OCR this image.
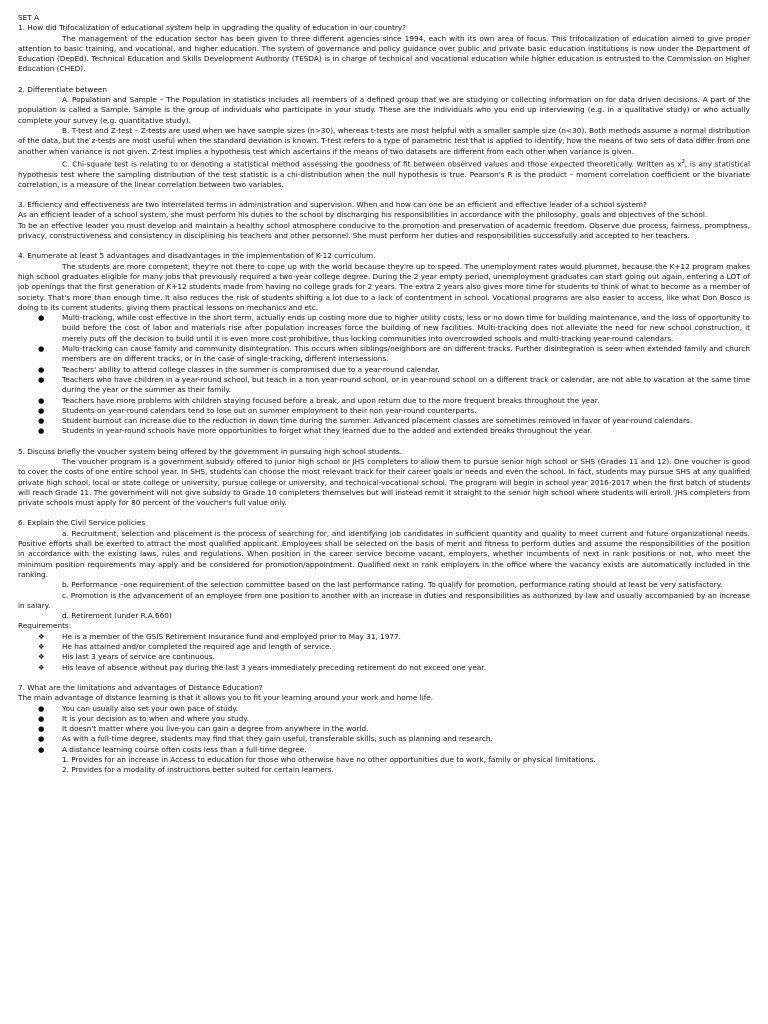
SET A

1. How did Trifocalization of educational system help in upgrading the quality of education in our country?

The management of the education sector has been given to three different agencies since 1994, each with its own area of focus. This trifocalization of education aimed to give proper attention to basic training, and vocational, and higher education. The system of governance and policy guidance over public and private basic education institutions is now under the Department of Education (DepEd). Technical Education and Skills Development Authority (TESDA) is in charge of technical and vocational education while higher education is entrusted to the Commission on Higher Education (CHED).

2. Differentiate between

A. Population and Sample – The Population in statistics includes all members of a defined group that we are studying or collecting information on for data driven decisions. A part of the population is called a Sample. Sample is the group of individuals who participate in your study. These are the individuals who you end up interviewing (e.g. in a qualitative study) or who actually complete your survey (e.g. quantitative study).

B. T-test and Z-test – Z-tests are used when we have sample sizes (n>30), whereas t-tests are most helpful with a smaller sample size (n<30). Both methods assume a normal distribution of the data, but the z-tests are most useful when the standard deviation is known. T-test refers to a type of parametric test that is applied to identify, how the means of two sets of data differ from one another when variance is not given. Z-test implies a hypothesis test which ascertains if the means of two datasets are different from each other when variance is given.

C. Chi-square test is relating to or denoting a statistical method assessing the goodness of fit between observed values and those expected theoretically. Written as $x^2$, is any statistical hypothesis test where the sampling distribution of the test statistic is a chi-distribution when the null hypothesis is true. Pearson's R is the product – moment correlation coefficient or the bivariate correlation, is a measure of the linear correlation between two variables.

3. Efficiency and effectiveness are two interrelated terms in administration and supervision. When and how can one be an efficient and effective leader of a school system?

As an efficient leader of a school system, she must perform his duties to the school by discharging his responsibilities in accordance with the philosophy, goals and objectives of the school.

To be an effective leader you must develop and maintain a healthy school atmosphere conducive to the promotion and preservation of academic freedom. Observe due process, fairness, promptness, privacy, constructiveness and consistency in disciplining his teachers and other personnel. She must perform her duties and responsibilities successfully and accepted to her teachers.

4. Enumerate at least 5 advantages and disadvantages in the implementation of K-12 curriculum.

The students are more competent, they're not there to cope up with the world because they're up to speed. The unemployment rates would plummet, because the K+12 program makes high school graduates eligible for many jobs that previously required a two-year college degree. During the 2 year empty period, unemployment graduates can start going out again, entering a LOT of job openings that the first generation of K+12 students made from having no college grads for 2 years. The extra 2 years also gives more time for students to think of what to become as a member of society. That's more than enough time. It also reduces the risk of students shifting a lot due to a lack of contentment in school. Vocational programs are also easier to access, like what Don Bosco is doing to its current students, giving them practical lessons on mechanics and etc.

● Multi-tracking, while cost effective in the short term, actually ends up costing more due to higher utility costs, less or no down time for building maintenance, and the loss of opportunity to build before the cost of labor and materials rise after population increases force the building of new facilities. Multi-tracking does not alleviate the need for new school construction, it merely puts off the decision to build until it is even more cost prohibitive, thus locking communities into overcrowded schools and multi-tracking year-round calendars.
● Multi-tracking can cause family and community disintegration. This occurs when siblings/neighbors are on different tracks. Further disintegration is seen when extended family and church members are on different tracks, or in the case of single-tracking, different intersessions.
● Teachers' ability to attend college classes in the summer is compromised due to a year-round calendar.
● Teachers who have children in a year-round school, but teach in a non year-round school, or in year-round school on a different track or calendar, are not able to vacation at the same time during the year or the summer as their family.
● Teachers have more problems with children staying focused before a break, and upon return due to the more frequent breaks throughout the year.
● Students on year-round calendars tend to lose out on summer employment to their non year-round counterparts.
● Student burnout can increase due to the reduction in down time during the summer. Advanced placement classes are sometimes removed in favor of year-round calendars.
● Students in year-round schools have more opportunities to forget what they learned due to the added and extended breaks throughout the year.

5. Discuss briefly the voucher system being offered by the government in pursuing high school students.

The voucher program is a government subsidy offered to junior high school or JHS completers to allow them to pursue senior high school or SHS (Grades 11 and 12). One voucher is good to cover the costs of one entire school year. In SHS, students can choose the most relevant track for their career goals or needs and even the school. In fact, students may pursue SHS at any qualified private high school, local or state college or university, pursue college or university, and technical-vocational school. The program will begin in school year 2016-2017 when the first batch of students will reach Grade 11. The government will not give subsidy to Grade 10 completers themselves but will instead remit it straight to the senior high school where students will enroll. JHS completers from private schools must apply for 80 percent of the voucher's full value only.

6. Explain the Civil Service policies

a. Recruitment, selection and placement is the process of searching for, and identifying job candidates in sufficient quantity and quality to meet current and future organizational needs. Positive efforts shall be exerted to attract the most qualified applicant. Employees shall be selected on the basis of merit and fitness to perform duties and assume the responsibilities of the position in accordance with the existing laws, rules and regulations. When position in the career service become vacant, employers, whether incumbents of next in rank positions or not, who meet the minimum position requirements may apply and be considered for promotion/appointment. Qualified next in rank employers in the office where the vacancy exists are automatically included in the ranking.

b. Performance –one requirement of the selection committee based on the last performance rating. To qualify for promotion, performance rating should at least be very satisfactory.

c. Promotion is the advancement of an employee from one position to another with an increase in duties and responsibilities as authorized by law and usually accompanied by an increase in salary.

d. Retirement (under R.A.660)

Requirements:

❖ He is a member of the GSIS Retirement Insurance fund and employed prior to May 31, 1977.
❖ He has attained and/or completed the required age and length of service.
❖ His last 3 years of service are continuous.
❖ His leave of absence without pay during the last 3 years immediately preceding retirement do not exceed one year.

7. What are the limitations and advantages of Distance Education?

The main advantage of distance learning is that it allows you to fit your learning around your work and home life.

● You can usually also set your own pace of study.
● It is your decision as to when and where you study.
● It doesn't matter where you live-you can gain a degree from anywhere in the world.
● As with a full-time degree, students may find that they gain useful, transferable skills, such as planning and research.
● A distance learning course often costs less than a full-time degree.

1. Provides for an increase in Access to education for those who otherwise have no other opportunities due to work, family or physical limitations.

2. Provides for a modality of instructions better suited for certain learners.
